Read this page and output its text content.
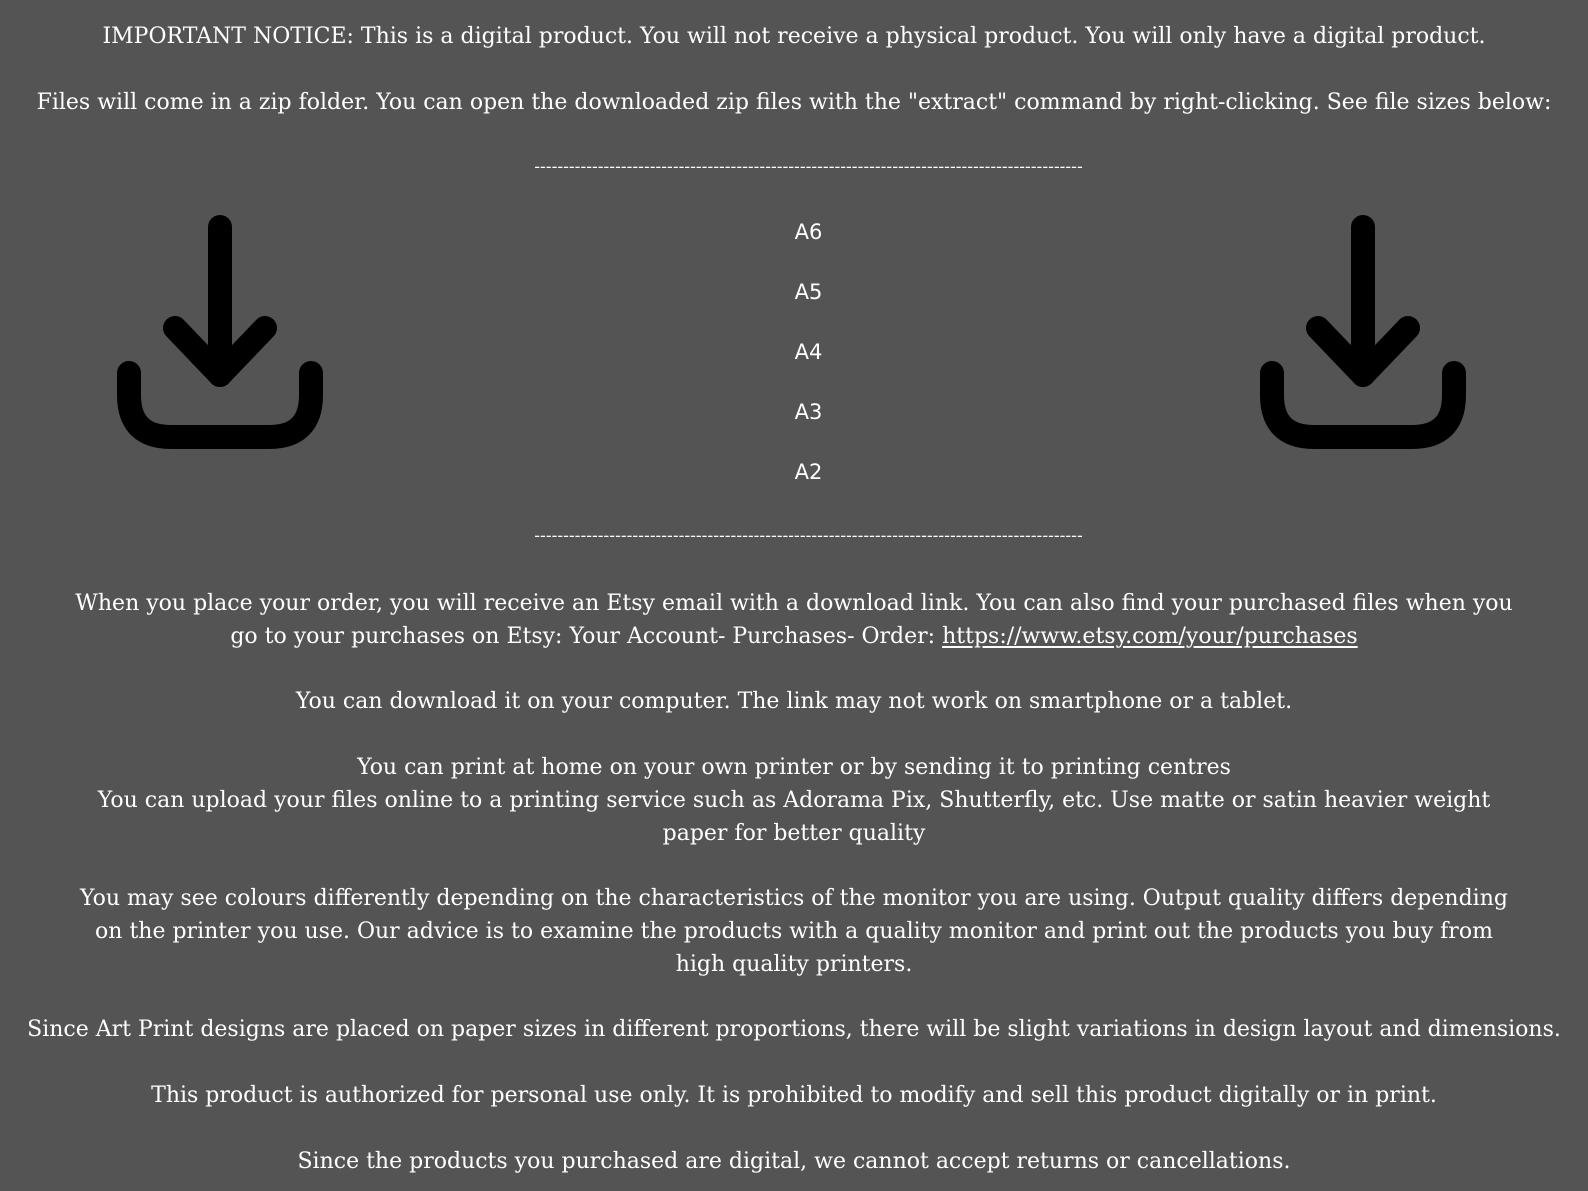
IMPORTANT NOTICE: This is a digital product. You will not receive a physical product. You will only have a digital product.
Files will come in a zip folder. You can open the downloaded zip files with the "extract" command by right-clicking. See file sizes below:
-----------------------------------------------------------------------------------------------
A6
A5
A4
A3
A2
-----------------------------------------------------------------------------------------------
When you place your order, you will receive an Etsy email with a download link. You can also find your purchased files when you go to your purchases on Etsy: Your Account- Purchases- Order: https://www.etsy.com/your/purchases
You can download it on your computer. The link may not work on smartphone or a tablet.
You can print at home on your own printer or by sending it to printing centres
You can upload your files online to a printing service such as Adorama Pix, Shutterfly, etc. Use matte or satin heavier weight paper for better quality
You may see colours differently depending on the characteristics of the monitor you are using. Output quality differs depending on the printer you use. Our advice is to examine the products with a quality monitor and print out the products you buy from high quality printers.
Since Art Print designs are placed on paper sizes in different proportions, there will be slight variations in design layout and dimensions.
This product is authorized for personal use only. It is prohibited to modify and sell this product digitally or in print.
Since the products you purchased are digital, we cannot accept returns or cancellations.
